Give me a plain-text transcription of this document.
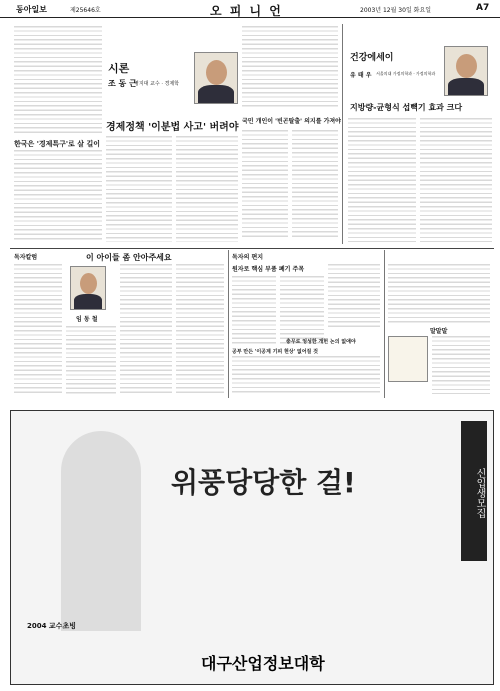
동아일보	제25646호	오 피 니 언	2003년 12월 30일 화요일	A7
한국은 '경제특구'로 살 길이
시론
조 동 근
명지대 교수 · 경제학
경제정책 '이분법 사고' 버려야
국민 개인이 '빈곤탈출' 의지를 가져야
건강에세이
유 태 우 서울의대 가정의학과 · 가정의학과
지방량-균형식 섭뼉기 효과 크다
독자칼럼	이 아이들 좀 안아주세요
임 동 철
독자의 편지
원자로 핵심 부품 폐기 주목
공부 만든 '이공계 기피 현상' 없어질 것
충무로 엉성한 개헌 논의 없애야
말말말
위풍당당한 걸!	신입생모집
2004 교수초빙
대구산업정보대학
